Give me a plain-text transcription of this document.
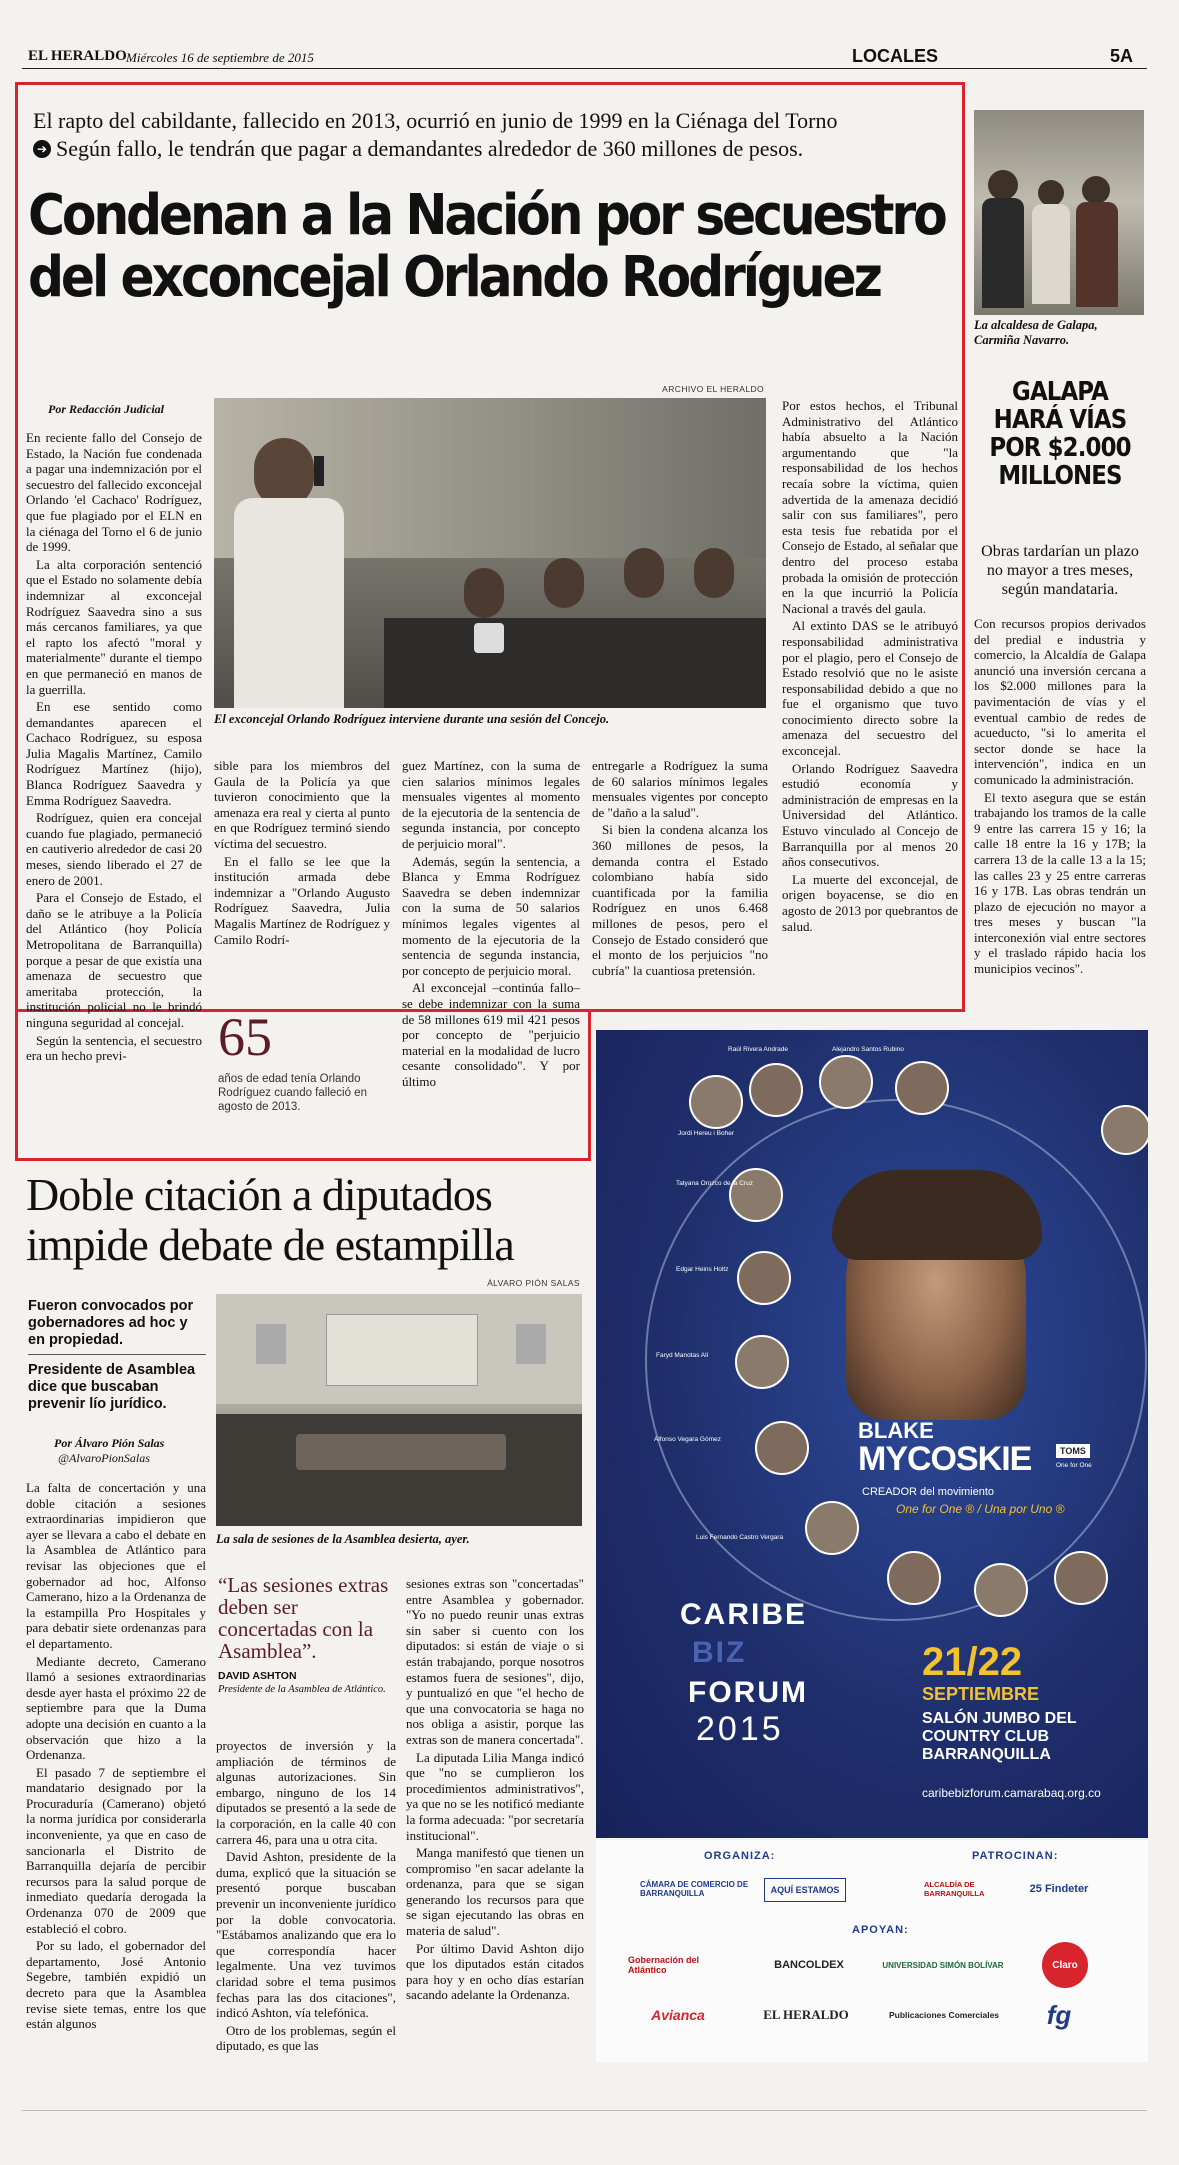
EL HERALDO Miércoles 16 de septiembre de 2015	LOCALES	5A
El rapto del cabildante, fallecido en 2013, ocurrió en junio de 1999 en la Ciénaga del Torno
➔ Según fallo, le tendrán que pagar a demandantes alrededor de 360 millones de pesos.
Condenan a la Nación por secuestro
del exconcejal Orlando Rodríguez
ARCHIVO EL HERALDO
Por Redacción Judicial
El exconcejal Orlando Rodríguez interviene durante una sesión del Concejo.

En reciente fallo del Consejo de Estado, la Nación fue condenada a pagar una indemnización por el secuestro del fallecido exconcejal Orlando 'el Cachaco' Rodríguez, que fue plagiado por el ELN en la ciénaga del Torno el 6 de junio de 1999.

La alta corporación sentenció que el Estado no solamente debía indemnizar al exconcejal Rodríguez Saavedra sino a sus más cercanos familiares, ya que el rapto los afectó "moral y materialmente" durante el tiempo en que permaneció en manos de la guerrilla.

En ese sentido como demandantes aparecen el Cachaco Rodríguez, su esposa Julia Magalis Martínez, Camilo Rodríguez Martínez (hijo), Blanca Rodríguez Saavedra y Emma Rodríguez Saavedra.

Rodríguez, quien era concejal cuando fue plagiado, permaneció en cautiverio alrededor de casi 20 meses, siendo liberado el 27 de enero de 2001.

Para el Consejo de Estado, el daño se le atribuye a la Policía del Atlántico (hoy Policía Metropolitana de Barranquilla) porque a pesar de que existía una amenaza de secuestro que ameritaba protección, la institución policial no le brindó ninguna seguridad al concejal.

Según la sentencia, el secuestro era un hecho previ-

sible para los miembros del Gaula de la Policía ya que tuvieron conocimiento que la amenaza era real y cierta al punto en que Rodríguez terminó siendo víctima del secuestro.

En el fallo se lee que la institución armada debe indemnizar a "Orlando Augusto Rodríguez Saavedra, Julia Magalis Martínez de Rodríguez y Camilo Rodrí-

65
años de edad tenía Orlando Rodríguez cuando falleció en agosto de 2013.

guez Martínez, con la suma de cien salarios mínimos legales mensuales vigentes al momento de la ejecutoria de la sentencia de segunda instancia, por concepto de perjuicio moral".

Además, según la sentencia, a Blanca y Emma Rodríguez Saavedra se deben indemnizar con la suma de 50 salarios mínimos legales vigentes al momento de la ejecutoria de la sentencia de segunda instancia, por concepto de perjuicio moral.

Al exconcejal –continúa fallo– se debe indemnizar con la suma de 58 millones 619 mil 421 pesos por concepto de "perjuicio material en la modalidad de lucro cesante consolidado". Y por último

entregarle a Rodríguez la suma de 60 salarios mínimos legales mensuales vigentes por concepto de "daño a la salud".

Si bien la condena alcanza los 360 millones de pesos, la demanda contra el Estado colombiano había sido cuantificada por la familia Rodríguez en unos 6.468 millones de pesos, pero el Consejo de Estado consideró que el monto de los perjuicios "no cubría" la cuantiosa pretensión.

Por estos hechos, el Tribunal Administrativo del Atlántico había absuelto a la Nación argumentando que "la responsabilidad de los hechos recaía sobre la víctima, quien advertida de la amenaza decidió salir con sus familiares", pero esta tesis fue rebatida por el Consejo de Estado, al señalar que dentro del proceso estaba probada la omisión de protección en la que incurrió la Policía Nacional a través del gaula.

Al extinto DAS se le atribuyó responsabilidad administrativa por el plagio, pero el Consejo de Estado resolvió que no le asiste responsabilidad debido a que no fue el organismo que tuvo conocimiento directo sobre la amenaza del secuestro del exconcejal.

Orlando Rodríguez Saavedra estudió economía y administración de empresas en la Universidad del Atlántico. Estuvo vinculado al Concejo de Barranquilla por al menos 20 años consecutivos.

La muerte del exconcejal, de origen boyacense, se dio en agosto de 2013 por quebrantos de salud.

La alcaldesa de Galapa, Carmiña Navarro.
GALAPA HARÁ VÍAS POR $2.000 MILLONES
Obras tardarían un plazo no mayor a tres meses, según mandataria.

Con recursos propios derivados del predial e industria y comercio, la Alcaldía de Galapa anunció una inversión cercana a los $2.000 millones para la pavimentación de vías y el eventual cambio de redes de acueducto, "si lo amerita el sector donde se hace la intervención", indica en un comunicado la administración.

El texto asegura que se están trabajando los tramos de la calle 9 entre las carrera 15 y 16; la calle 18 entre la 16 y 17B; la carrera 13 de la calle 13 a la 15; las calles 23 y 25 entre carreras 16 y 17B. Las obras tendrán un plazo de ejecución no mayor a tres meses y buscan "la interconexión vial entre sectores y el traslado rápido hacia los municipios vecinos".

Doble citación a diputados
impide debate de estampilla
ÁLVARO PIÓN SALAS
Fueron convocados por gobernadores ad hoc y en propiedad.
Presidente de Asamblea dice que buscaban prevenir lío jurídico.
Por Álvaro Pión Salas
@AlvaroPionSalas
La sala de sesiones de la Asamblea desierta, ayer.

La falta de concertación y una doble citación a sesiones extraordinarias impidieron que ayer se llevara a cabo el debate en la Asamblea de Atlántico para revisar las objeciones que el gobernador ad hoc, Alfonso Camerano, hizo a la Ordenanza de la estampilla Pro Hospitales y para debatir siete ordenanzas para el departamento.

Mediante decreto, Camerano llamó a sesiones extraordinarias desde ayer hasta el próximo 22 de septiembre para que la Duma adopte una decisión en cuanto a la observación que hizo a la Ordenanza.

El pasado 7 de septiembre el mandatario designado por la Procuraduría (Camerano) objetó la norma jurídica por considerarla inconveniente, ya que en caso de sancionarla el Distrito de Barranquilla dejaría de percibir recursos para la salud porque de inmediato quedaría derogada la Ordenanza 070 de 2009 que estableció el cobro.

Por su lado, el gobernador del departamento, José Antonio Segebre, también expidió un decreto para que la Asamblea revise siete temas, entre los que están algunos

“Las sesiones extras deben ser concertadas con la Asamblea”.
DAVID ASHTON
Presidente de la Asamblea de Atlántico.

proyectos de inversión y la ampliación de términos de algunas autorizaciones. Sin embargo, ninguno de los 14 diputados se presentó a la sede de la corporación, en la calle 40 con carrera 46, para una u otra cita.

David Ashton, presidente de la duma, explicó que la situación se presentó porque buscaban prevenir un inconveniente jurídico por la doble convocatoria. "Estábamos analizando que era lo que correspondía hacer legalmente. Una vez tuvimos claridad sobre el tema pusimos fechas para las dos citaciones", indicó Ashton, vía telefónica.

Otro de los problemas, según el diputado, es que las

sesiones extras son "concertadas" entre Asamblea y gobernador. "Yo no puedo reunir unas extras sin saber si cuento con los diputados: si están de viaje o si están trabajando, porque nosotros estamos fuera de sesiones", dijo, y puntualizó en que "el hecho de que una convocatoria se haga no nos obliga a asistir, porque las extras son de manera concertada".

La diputada Lilia Manga indicó que "no se cumplieron los procedimientos administrativos", ya que no se les notificó mediante la forma adecuada: "por secretaría institucional".

Manga manifestó que tienen un compromiso "en sacar adelante la ordenanza, para que se sigan generando los recursos para que se sigan ejecutando las obras en materia de salud".

Por último David Ashton dijo que los diputados están citados para hoy y en ocho días estarían sacando adelante la Ordenanza.

Raúl Rivera Andrade	Alejandro Santos Rubino
Jordi Hereu i Boher
Tatyana Orozco de la Cruz
Edgar Heins Holtz
Faryd Manotas Alí
Alfonso Vegara Gómez
Luis Fernando Castro Vergara
BLAKE
MYCOSKIE	TOMS
One for One
CREADOR del movimiento
One for One ® / Una por Uno ®
CARIBE
BIZ
FORUM
2015
21/22
SEPTIEMBRE
SALÓN JUMBO DEL COUNTRY CLUB BARRANQUILLA
caribebizforum.camarabaq.org.co
ORGANIZA:	PATROCINAN:
CÁMARA DE COMERCIO DE BARRANQUILLA	AQUÍ ESTAMOS
ALCALDÍA DE BARRANQUILLA	25 Findeter
APOYAN:
Gobernación del Atlántico	BANCOLDEX	UNIVERSIDAD SIMÓN BOLÍVAR	Claro
Avianca	EL HERALDO	Publicaciones Comerciales	fg
